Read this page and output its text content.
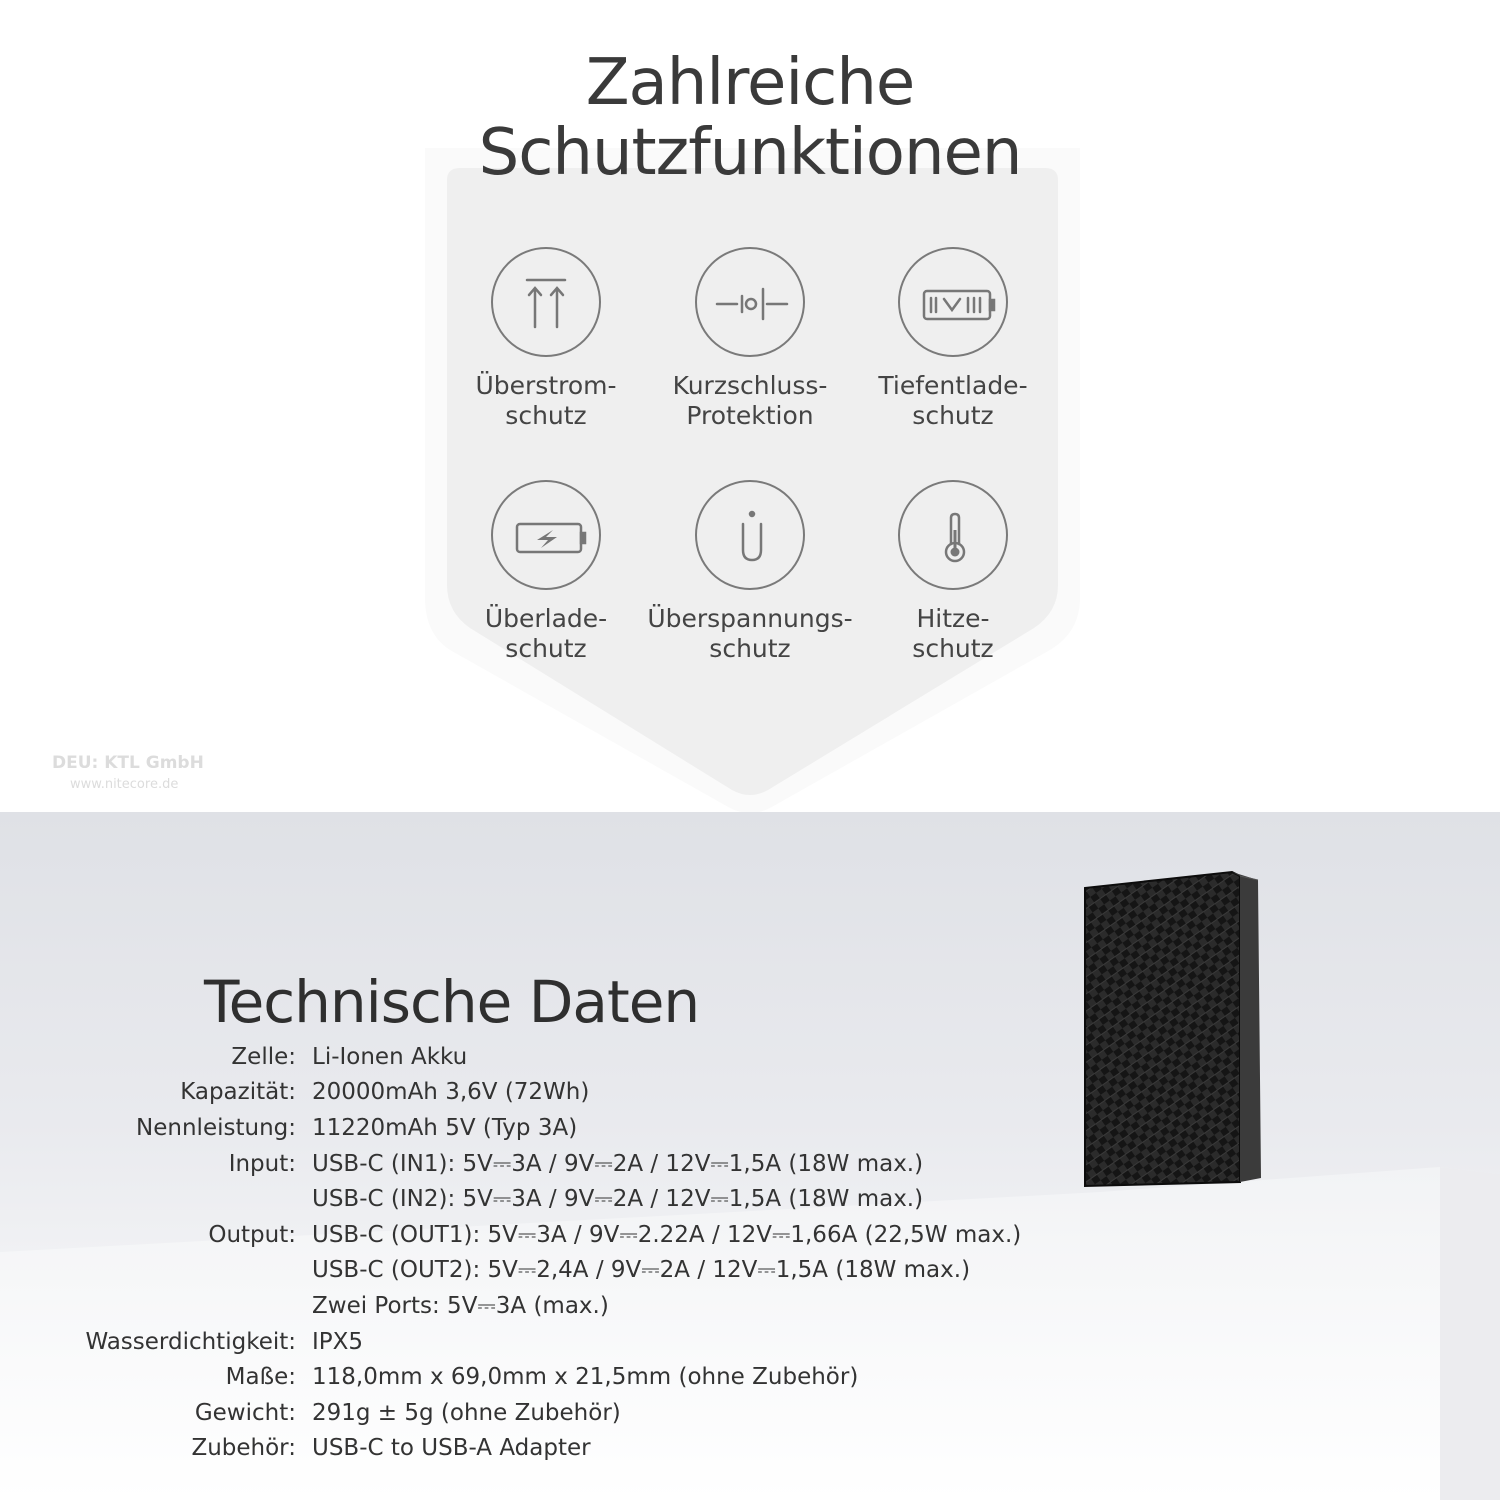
Zahlreiche
Schutzfunktionen
Überstrom-
schutz
Kurzschluss-
Protektion
Tiefentlade-
schutz
Überlade-
schutz
Überspannungs-
schutz
Hitze-
schutz
DEU: KTL GmbH
www.nitecore.de
Technische Daten
Zelle: Li-Ionen Akku
Kapazität: 20000mAh 3,6V (72Wh)
Nennleistung: 11220mAh 5V (Typ 3A)
Input: USB-C (IN1): 5V⎓3A / 9V⎓2A / 12V⎓1,5A (18W max.)
USB-C (IN2): 5V⎓3A / 9V⎓2A / 12V⎓1,5A (18W max.)
Output: USB-C (OUT1): 5V⎓3A / 9V⎓2.22A / 12V⎓1,66A (22,5W max.)
USB-C (OUT2): 5V⎓2,4A / 9V⎓2A / 12V⎓1,5A (18W max.)
Zwei Ports: 5V⎓3A (max.)
Wasserdichtigkeit: IPX5
Maße: 118,0mm x 69,0mm x 21,5mm (ohne Zubehör)
Gewicht: 291g ± 5g (ohne Zubehör)
Zubehör: USB-C to USB-A Adapter
